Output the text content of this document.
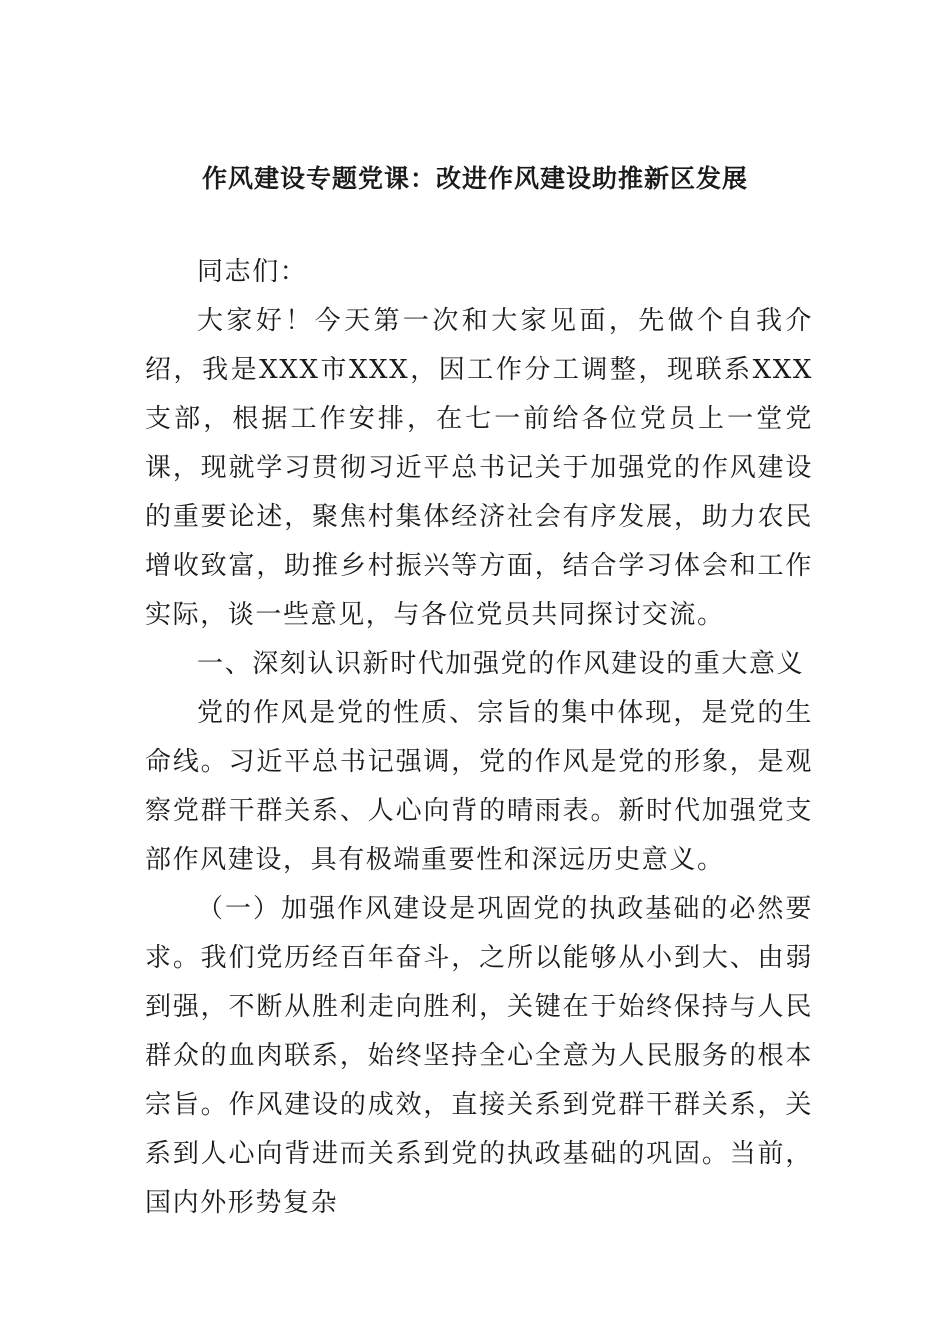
作风建设专题党课：改进作风建设助推新区发展

同志们：

大家好！今天第一次和大家见面，先做个自我介绍，我是XXX市XXX，因工作分工调整，现联系XXX支部，根据工作安排，在七一前给各位党员上一堂党课，现就学习贯彻习近平总书记关于加强党的作风建设的重要论述，聚焦村集体经济社会有序发展，助力农民增收致富，助推乡村振兴等方面，结合学习体会和工作实际，谈一些意见，与各位党员共同探讨交流。

一、深刻认识新时代加强党的作风建设的重大意义

党的作风是党的性质、宗旨的集中体现，是党的生命线。习近平总书记强调，党的作风是党的形象，是观察党群干群关系、人心向背的晴雨表。新时代加强党支部作风建设，具有极端重要性和深远历史意义。

（一）加强作风建设是巩固党的执政基础的必然要求。我们党历经百年奋斗，之所以能够从小到大、由弱到强，不断从胜利走向胜利，关键在于始终保持与人民群众的血肉联系，始终坚持全心全意为人民服务的根本宗旨。作风建设的成效，直接关系到党群干群关系，关系到人心向背进而关系到党的执政基础的巩固。当前，国内外形势复杂
